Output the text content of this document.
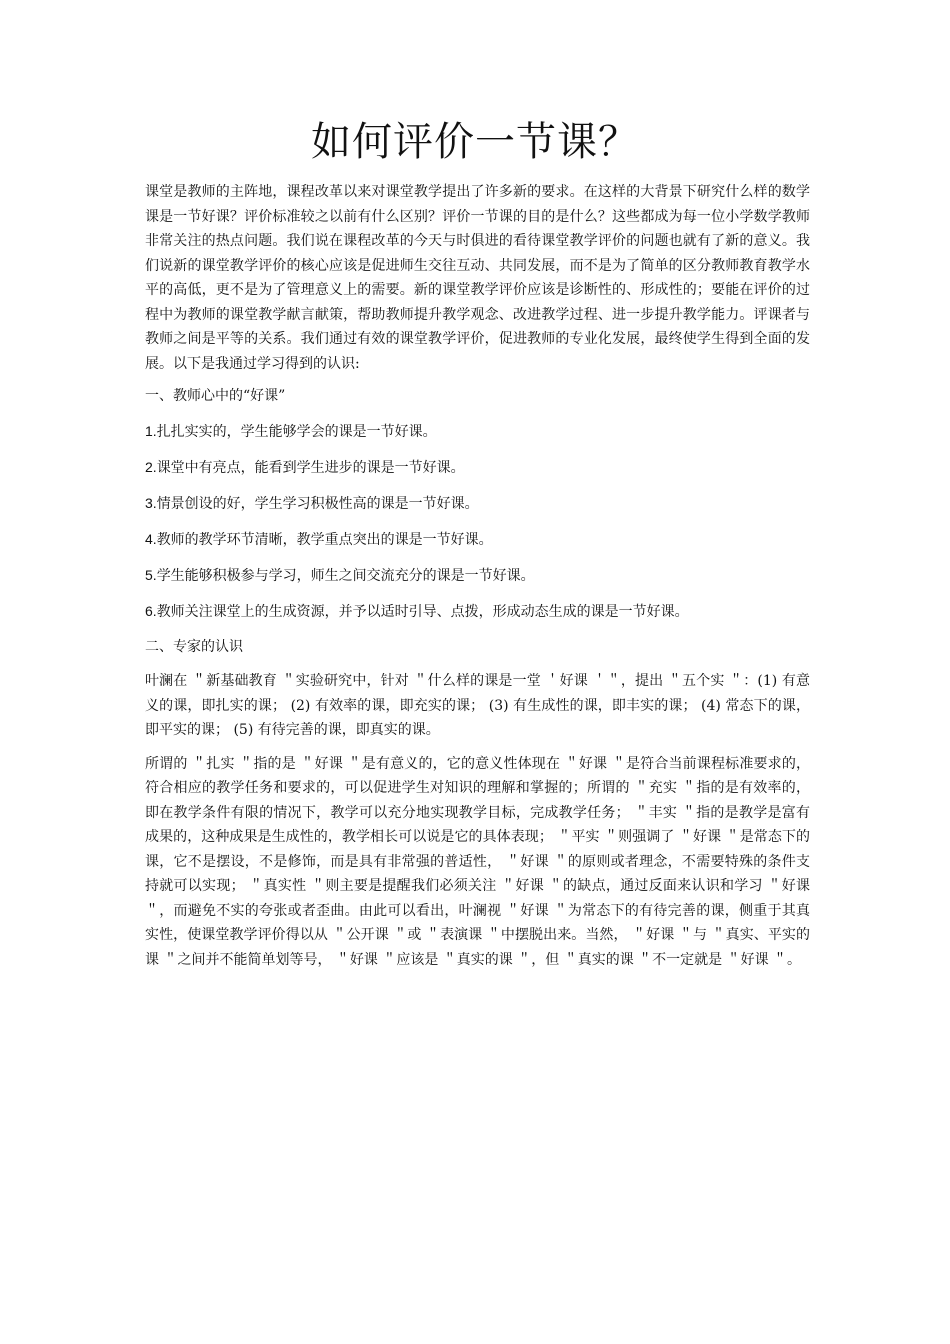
如何评价一节课？

课堂是教师的主阵地，课程改革以来对课堂教学提出了许多新的要求。在这样的大背景下研究什么样的数学课是一节好课？评价标准较之以前有什么区别？评价一节课的目的是什么？这些都成为每一位小学数学教师非常关注的热点问题。我们说在课程改革的今天与时俱进的看待课堂教学评价的问题也就有了新的意义。我们说新的课堂教学评价的核心应该是促进师生交往互动、共同发展，而不是为了简单的区分教师教育教学水平的高低，更不是为了管理意义上的需要。新的课堂教学评价应该是诊断性的、形成性的；要能在评价的过程中为教师的课堂教学献言献策，帮助教师提升教学观念、改进教学过程、进一步提升教学能力。评课者与教师之间是平等的关系。我们通过有效的课堂教学评价，促进教师的专业化发展，最终使学生得到全面的发展。以下是我通过学习得到的认识:

一、教师心中的“好课”

1.扎扎实实的，学生能够学会的课是一节好课。

2.课堂中有亮点，能看到学生进步的课是一节好课。

3.情景创设的好，学生学习积极性高的课是一节好课。

4.教师的教学环节清晰，教学重点突出的课是一节好课。

5.学生能够积极参与学习，师生之间交流充分的课是一节好课。

6.教师关注课堂上的生成资源，并予以适时引导、点拨，形成动态生成的课是一节好课。

二、专家的认识

叶澜在 ＂新基础教育 ＂实验研究中，针对 ＂什么样的课是一堂 ＇好课 ＇＂，提出 ＂五个实 ＂：(1) 有意义的课，即扎实的课； (2) 有效率的课，即充实的课； (3) 有生成性的课，即丰实的课； (4) 常态下的课，即平实的课； (5) 有待完善的课，即真实的课。

所谓的 ＂扎实 ＂指的是 ＂好课 ＂是有意义的，它的意义性体现在 ＂好课 ＂是符合当前课程标准要求的，符合相应的教学任务和要求的，可以促进学生对知识的理解和掌握的；所谓的 ＂充实 ＂指的是有效率的，即在教学条件有限的情况下，教学可以充分地实现教学目标，完成教学任务； ＂丰实 ＂指的是教学是富有成果的，这种成果是生成性的，教学相长可以说是它的具体表现； ＂平实 ＂则强调了 ＂好课 ＂是常态下的课，它不是摆设，不是修饰，而是具有非常强的普适性， ＂好课 ＂的原则或者理念，不需要特殊的条件支持就可以实现； ＂真实性 ＂则主要是提醒我们必须关注 ＂好课 ＂的缺点，通过反面来认识和学习 ＂好课 ＂，而避免不实的夸张或者歪曲。由此可以看出，叶澜视 ＂好课 ＂为常态下的有待完善的课，侧重于其真实性，使课堂教学评价得以从 ＂公开课 ＂或 ＂表演课 ＂中摆脱出来。当然， ＂好课 ＂与 ＂真实、平实的课 ＂之间并不能简单划等号， ＂好课 ＂应该是 ＂真实的课 ＂，但 ＂真实的课 ＂不一定就是 ＂好课 ＂。
